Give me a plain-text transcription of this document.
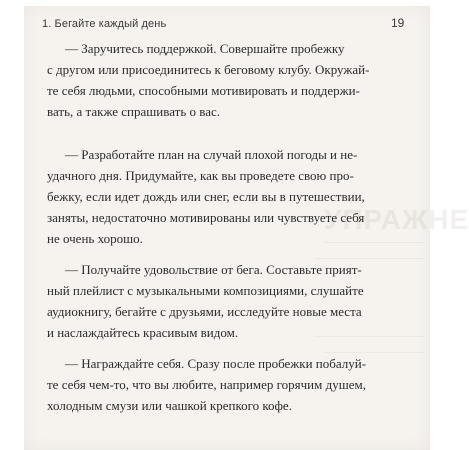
УПРАЖНЕ
1. Бегайте каждый день	19

— Заручитесь поддержкой. Совершайте пробежку
с другом или присоединитесь к беговому клубу. Окружай-
те себя людьми, способными мотивировать и поддержи-
вать, а также спрашивать о вас.

— Разработайте план на случай плохой погоды и не-
удачного дня. Придумайте, как вы проведете свою про-
бежку, если идет дождь или снег, если вы в путешествии,
заняты, недостаточно мотивированы или чувствуете себя
не очень хорошо.

— Получайте удовольствие от бега. Составьте прият-
ный плейлист с музыкальными композициями, слушайте
аудиокнигу, бегайте с друзьями, исследуйте новые места
и наслаждайтесь красивым видом.

— Награждайте себя. Сразу после пробежки побалуй-
те себя чем-то, что вы любите, например горячим душем,
холодным смузи или чашкой крепкого кофе.
